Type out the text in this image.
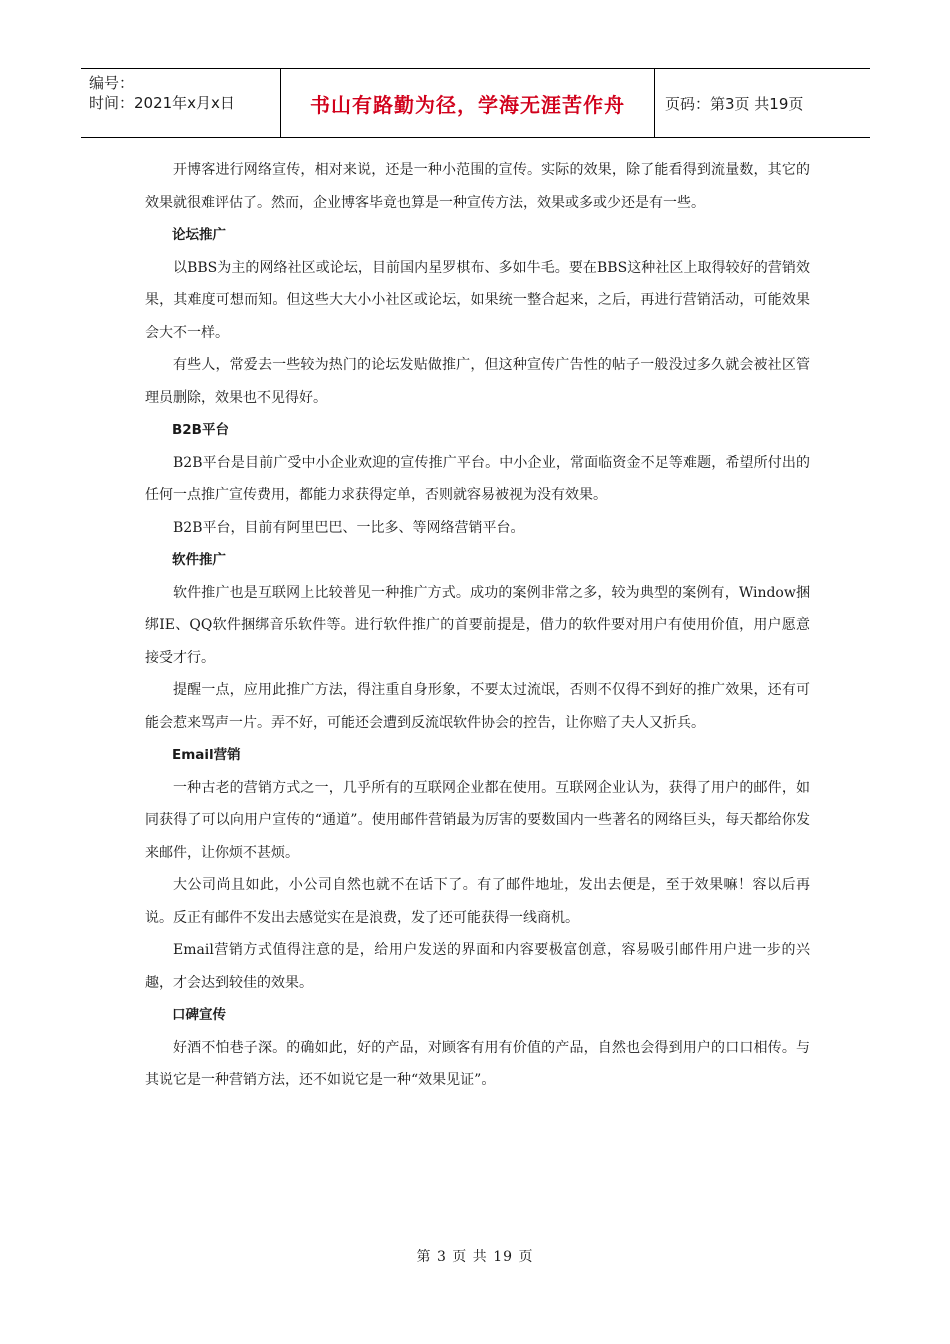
编号：
时间：2021年x月x日	书山有路勤为径，学海无涯苦作舟	页码：第3页 共19页
开博客进行网络宣传，相对来说，还是一种小范围的宣传。实际的效果，除了能看得到流量数，其它的效果就很难评估了。然而，企业博客毕竟也算是一种宣传方法，效果或多或少还是有一些。
论坛推广
以BBS为主的网络社区或论坛，目前国内星罗棋布、多如牛毛。要在BBS这种社区上取得较好的营销效果，其难度可想而知。但这些大大小小社区或论坛，如果统一整合起来，之后，再进行营销活动，可能效果会大不一样。
有些人，常爱去一些较为热门的论坛发贴做推广，但这种宣传广告性的帖子一般没过多久就会被社区管理员删除，效果也不见得好。
B2B平台
B2B平台是目前广受中小企业欢迎的宣传推广平台。中小企业，常面临资金不足等难题，希望所付出的任何一点推广宣传费用，都能力求获得定单，否则就容易被视为没有效果。
B2B平台，目前有阿里巴巴、一比多、等网络营销平台。
软件推广
软件推广也是互联网上比较普见一种推广方式。成功的案例非常之多，较为典型的案例有，Window捆绑IE、QQ软件捆绑音乐软件等。进行软件推广的首要前提是，借力的软件要对用户有使用价值，用户愿意接受才行。
提醒一点，应用此推广方法，得注重自身形象，不要太过流氓，否则不仅得不到好的推广效果，还有可能会惹来骂声一片。弄不好，可能还会遭到反流氓软件协会的控告，让你赔了夫人又折兵。
Email营销
一种古老的营销方式之一，几乎所有的互联网企业都在使用。互联网企业认为，获得了用户的邮件，如同获得了可以向用户宣传的“通道”。使用邮件营销最为厉害的要数国内一些著名的网络巨头，每天都给你发来邮件，让你烦不甚烦。
大公司尚且如此，小公司自然也就不在话下了。有了邮件地址，发出去便是，至于效果嘛！容以后再说。反正有邮件不发出去感觉实在是浪费，发了还可能获得一线商机。
Email营销方式值得注意的是，给用户发送的界面和内容要极富创意，容易吸引邮件用户进一步的兴趣，才会达到较佳的效果。
口碑宣传
好酒不怕巷子深。的确如此，好的产品，对顾客有用有价值的产品，自然也会得到用户的口口相传。与其说它是一种营销方法，还不如说它是一种“效果见证”。
第 3 页 共 19 页
